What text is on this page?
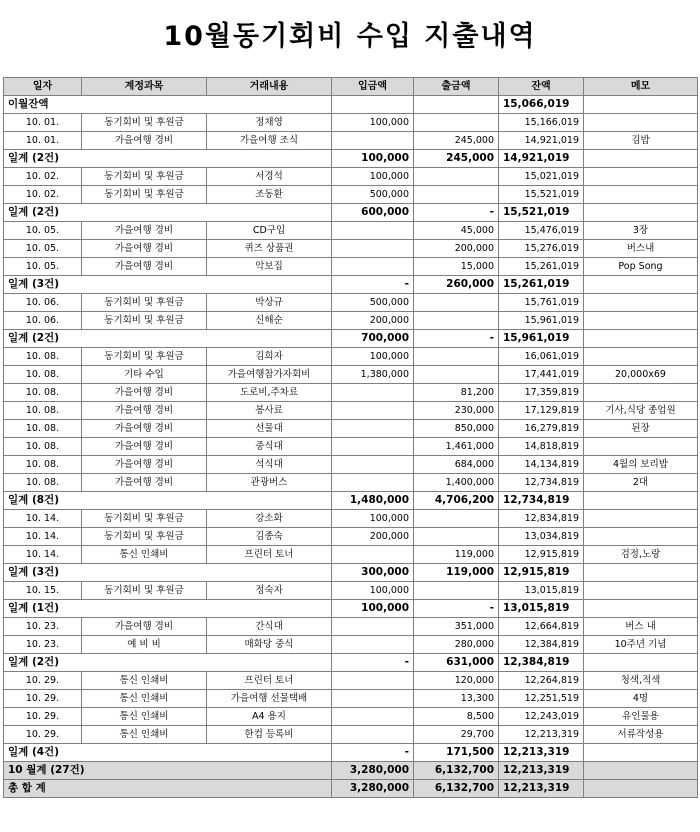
10월동기회비 수입 지출내역
일자	계정과목	거래내용	입금액	출금액	잔액	메모
이월잔액					15,066,019	
10. 01.	동기회비 및 후원금	정채영	100,000		15,166,019	
10. 01.	가을여행 경비	가을여행 조식		245,000	14,921,019	김밥
일계 (2건)			100,000	245,000	14,921,019	
10. 02.	동기회비 및 후원금	서경석	100,000		15,021,019	
10. 02.	동기회비 및 후원금	조동환	500,000		15,521,019	
일계 (2건)			600,000	-	15,521,019	
10. 05.	가을여행 경비	CD구입		45,000	15,476,019	3장
10. 05.	가을여행 경비	퀴즈 상품권		200,000	15,276,019	버스내
10. 05.	가을여행 경비	악보집		15,000	15,261,019	Pop Song
일계 (3건)			-	260,000	15,261,019	
10. 06.	동기회비 및 후원금	박상규	500,000		15,761,019	
10. 06.	동기회비 및 후원금	신해순	200,000		15,961,019	
일계 (2건)			700,000	-	15,961,019	
10. 08.	동기회비 및 후원금	김희자	100,000		16,061,019	
10. 08.	기타 수입	가을여행참가자회비	1,380,000		17,441,019	20,000x69
10. 08.	가을여행 경비	도로비,주차료		81,200	17,359,819	
10. 08.	가을여행 경비	봉사료		230,000	17,129,819	기사,식당 종업원
10. 08.	가을여행 경비	선물대		850,000	16,279,819	된장
10. 08.	가을여행 경비	중식대		1,461,000	14,818,819	
10. 08.	가을여행 경비	석식대		684,000	14,134,819	4월의 보리밥
10. 08.	가을여행 경비	관광버스		1,400,000	12,734,819	2대
일계 (8건)			1,480,000	4,706,200	12,734,819	
10. 14.	동기회비 및 후원금	강소화	100,000		12,834,819	
10. 14.	동기회비 및 후원금	김종숙	200,000		13,034,819	
10. 14.	통신 인쇄비	프린터 토너		119,000	12,915,819	검정,노랑
일계 (3건)			300,000	119,000	12,915,819	
10. 15.	동기회비 및 후원금	정숙자	100,000		13,015,819	
일계 (1건)			100,000	-	13,015,819	
10. 23.	가을여행 경비	간식대		351,000	12,664,819	버스 내
10. 23.	예 비 비	매화당 중식		280,000	12,384,819	10주년 기념
일계 (2건)			-	631,000	12,384,819	
10. 29.	통신 인쇄비	프린터 토너		120,000	12,264,819	청색,적색
10. 29.	통신 인쇄비	가을여행 선물택배		13,300	12,251,519	4명
10. 29.	통신 인쇄비	A4 용지		8,500	12,243,019	유인물용
10. 29.	통신 인쇄비	한컴 등록비		29,700	12,213,319	서류작성용
일계 (4건)			-	171,500	12,213,319	
10 월계 (27건)			3,280,000	6,132,700	12,213,319	
총 합 계			3,280,000	6,132,700	12,213,319	
